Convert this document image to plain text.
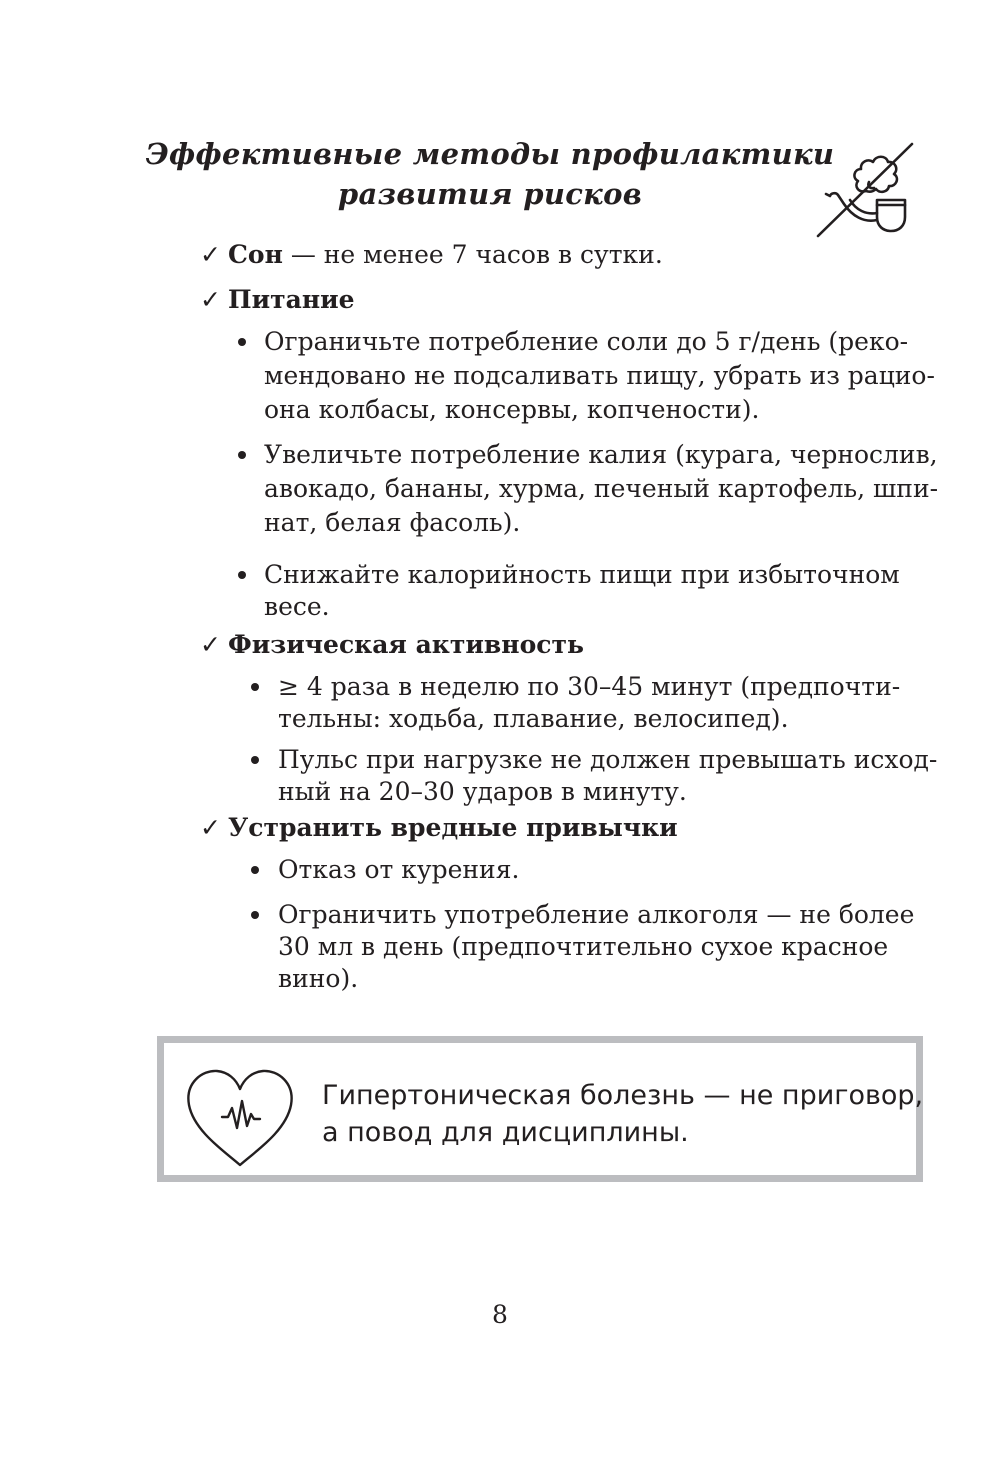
Эффективные методы профилактики
развития рисков
✓ Сон — не менее 7 часов в сутки.
✓ Питание
Ограничьте потребление соли до 5 г/день (реко-
мендовано не подсаливать пищу, убрать из рацио-
она колбасы, консервы, копчености).
Увеличьте потребление калия (курага, чернослив,
авокадо, бананы, хурма, печеный картофель, шпи-
нат, белая фасоль).
Снижайте калорийность пищи при избыточном
весе.
✓ Физическая активность
≥ 4 раза в неделю по 30–45 минут (предпочти-
тельны: ходьба, плавание, велосипед).
Пульс при нагрузке не должен превышать исход-
ный на 20–30 ударов в минуту.
✓ Устранить вредные привычки
Отказ от курения.
Ограничить употребление алкоголя — не более
30 мл в день (предпочтительно сухое красное
вино).
Гипертоническая болезнь — не приговор,
а повод для дисциплины.
8
